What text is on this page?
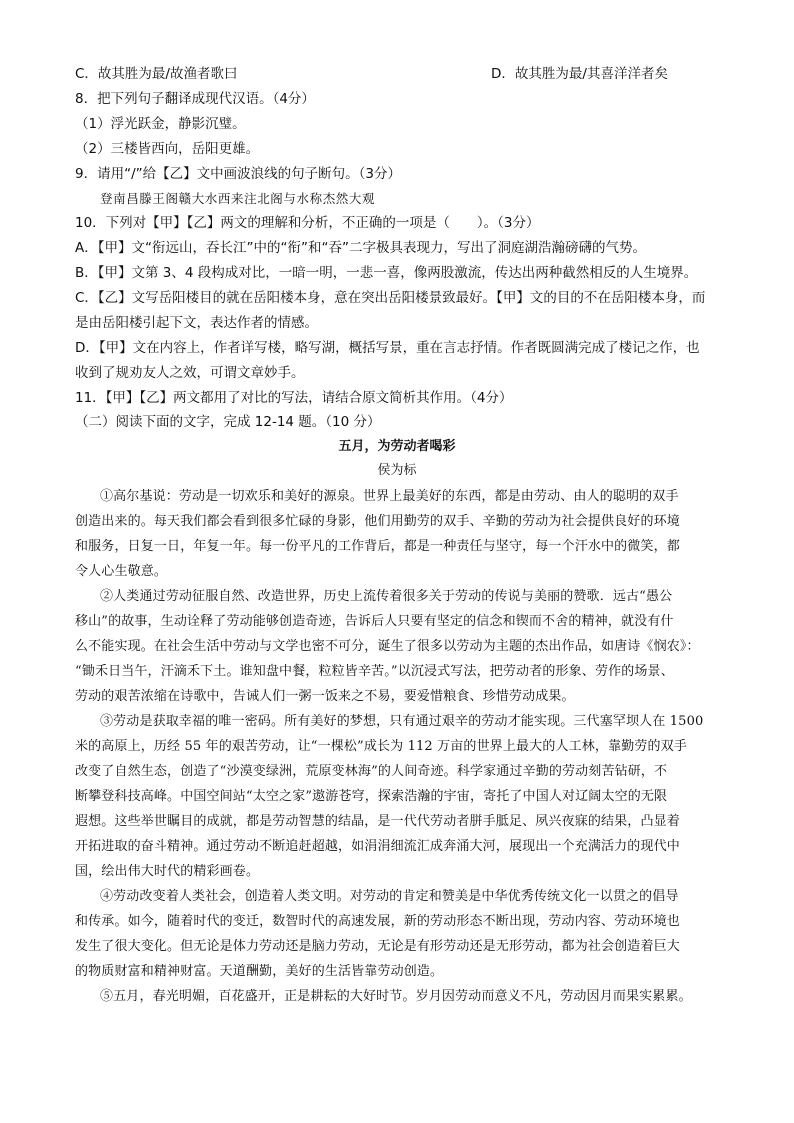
C．故其胜为最/故渔者歌曰	D．故其胜为最/其喜洋洋者矣
8．把下列句子翻译成现代汉语。（4分）
（1）浮光跃金，静影沉璧。
（2）三楼皆西向，岳阳更雄。
9．请用“/”给【乙】文中画波浪线的句子断句。（3分）
登南昌滕王阁赣大水西来注北阁与水称杰然大观
10．下列对【甲】【乙】两文的理解和分析，不正确的一项是（　　）。（3分）
A．【甲】文“衔远山，吞长江”中的“衔”和“吞”二字极具表现力，写出了洞庭湖浩瀚磅礴的气势。
B．【甲】文第 3、4 段构成对比，一暗一明，一悲一喜，像两股激流，传达出两种截然相反的人生境界。
C．【乙】文写岳阳楼目的就在岳阳楼本身，意在突出岳阳楼景致最好。【甲】文的目的不在岳阳楼本身，而
是由岳阳楼引起下文，表达作者的情感。
D．【甲】文在内容上，作者详写楼，略写湖，概括写景，重在言志抒情。作者既圆满完成了楼记之作，也
收到了规劝友人之效，可谓文章妙手。
11．【甲】【乙】两文都用了对比的写法，请结合原文简析其作用。（4分）
（二）阅读下面的文字，完成 12-14 题。（10 分）
五月，为劳动者喝彩
侯为标
①高尔基说：劳动是一切欢乐和美好的源泉。世界上最美好的东西，都是由劳动、由人的聪明的双手
创造出来的。每天我们都会看到很多忙碌的身影，他们用勤劳的双手、辛勤的劳动为社会提供良好的环境
和服务，日复一日，年复一年。每一份平凡的工作背后，都是一种责任与坚守，每一个汗水中的微笑，都
令人心生敬意。
②人类通过劳动征服自然、改造世界，历史上流传着很多关于劳动的传说与美丽的赞歌．远古“愚公
移山”的故事，生动诠释了劳动能够创造奇迹，告诉后人只要有坚定的信念和锲而不舍的精神，就没有什
么不能实现。在社会生活中劳动与文学也密不可分，诞生了很多以劳动为主题的杰出作品，如唐诗《悯农》：
“锄禾日当午，汗滴禾下土。谁知盘中餐，粒粒皆辛苦。”以沉浸式写法，把劳动者的形象、劳作的场景、
劳动的艰苦浓缩在诗歌中，告诫人们一粥一饭来之不易，要爱惜粮食、珍惜劳动成果。
③劳动是获取幸福的唯一密码。所有美好的梦想，只有通过艰辛的劳动才能实现。三代塞罕坝人在 1500
米的高原上，历经 55 年的艰苦劳动，让“一棵松”成长为 112 万亩的世界上最大的人工林，靠勤劳的双手
改变了自然生态，创造了“沙漠变绿洲，荒原变林海”的人间奇迹。科学家通过辛勤的劳动刻苦钻研，不
断攀登科技高峰。中国空间站“太空之家”遨游苍穹，探索浩瀚的宇宙，寄托了中国人对辽阔太空的无限
遐想。这些举世瞩目的成就，都是劳动智慧的结晶，是一代代劳动者胼手胝足、夙兴夜寐的结果，凸显着
开拓进取的奋斗精神。通过劳动不断追赶超越，如涓涓细流汇成奔涌大河，展现出一个充满活力的现代中
国，绘出伟大时代的精彩画卷。
④劳动改变着人类社会，创造着人类文明。对劳动的肯定和赞美是中华优秀传统文化一以贯之的倡导
和传承。如今，随着时代的变迁，数智时代的高速发展，新的劳动形态不断出现，劳动内容、劳动环境也
发生了很大变化。但无论是体力劳动还是脑力劳动，无论是有形劳动还是无形劳动，都为社会创造着巨大
的物质财富和精神财富。天道酬勤，美好的生活皆靠劳动创造。
⑤五月，春光明媚，百花盛开，正是耕耘的大好时节。岁月因劳动而意义不凡，劳动因月而果实累累。
